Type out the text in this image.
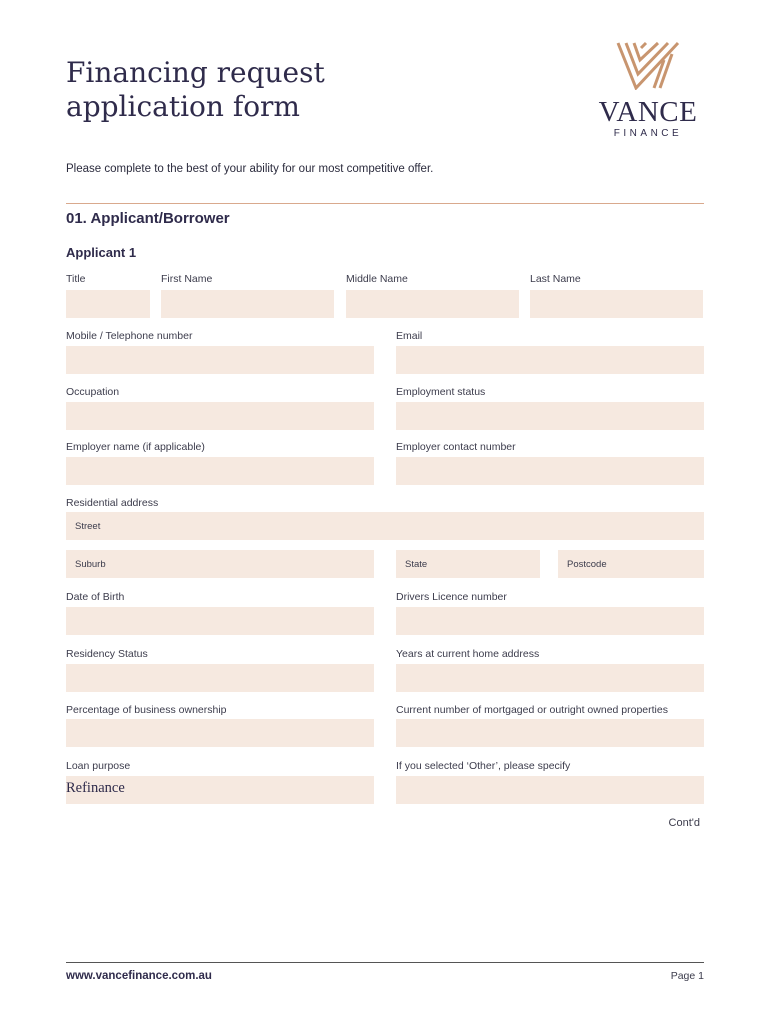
Financing request
application form	VANCE
FINANCE
Please complete to the best of your ability for our most competitive offer.
01. Applicant/Borrower
Applicant 1
Title	First Name	Middle Name	Last Name
Mobile / Telephone number	Email
Occupation	Employment status
Employer name (if applicable)	Employer contact number
Residential address
Street
Suburb	State	Postcode
Date of Birth	Drivers Licence number
Residency Status	Years at current home address
Percentage of business ownership	Current number of mortgaged or outright owned properties
Loan purpose	If you selected ‘Other’, please specify
Refinance
Cont'd
www.vancefinance.com.au	Page 1
